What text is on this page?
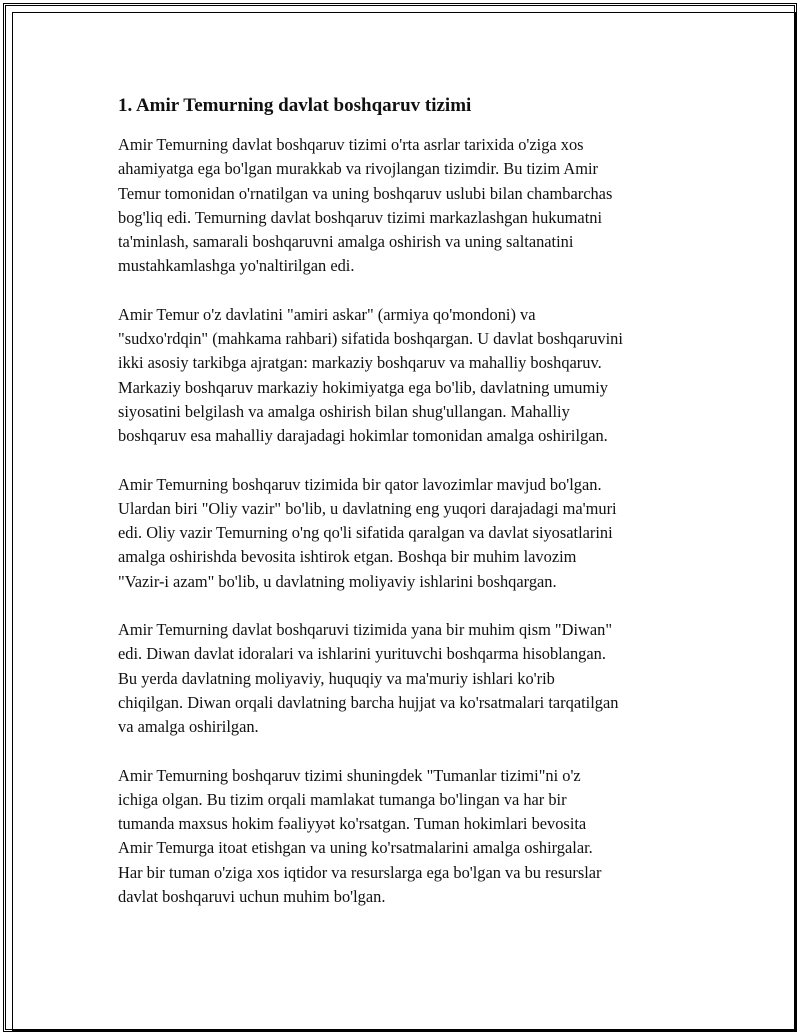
1. Amir Temurning davlat boshqaruv tizimi

Amir Temurning davlat boshqaruv tizimi o'rta asrlar tarixida o'ziga xos
ahamiyatga ega bo'lgan murakkab va rivojlangan tizimdir. Bu tizim Amir
Temur tomonidan o'rnatilgan va uning boshqaruv uslubi bilan chambarchas
bog'liq edi. Temurning davlat boshqaruv tizimi markazlashgan hukumatni
ta'minlash, samarali boshqaruvni amalga oshirish va uning saltanatini
mustahkamlashga yo'naltirilgan edi.

Amir Temur o'z davlatini "amiri askar" (armiya qo'mondoni) va
"sudxo'rdqin" (mahkama rahbari) sifatida boshqargan. U davlat boshqaruvini
ikki asosiy tarkibga ajratgan: markaziy boshqaruv va mahalliy boshqaruv.
Markaziy boshqaruv markaziy hokimiyatga ega bo'lib, davlatning umumiy
siyosatini belgilash va amalga oshirish bilan shug'ullangan. Mahalliy
boshqaruv esa mahalliy darajadagi hokimlar tomonidan amalga oshirilgan.

Amir Temurning boshqaruv tizimida bir qator lavozimlar mavjud bo'lgan.
Ulardan biri "Oliy vazir" bo'lib, u davlatning eng yuqori darajadagi ma'muri
edi. Oliy vazir Temurning o'ng qo'li sifatida qaralgan va davlat siyosatlarini
amalga oshirishda bevosita ishtirok etgan. Boshqa bir muhim lavozim
"Vazir-i azam" bo'lib, u davlatning moliyaviy ishlarini boshqargan.

Amir Temurning davlat boshqaruvi tizimida yana bir muhim qism "Diwan"
edi. Diwan davlat idoralari va ishlarini yurituvchi boshqarma hisoblangan.
Bu yerda davlatning moliyaviy, huquqiy va ma'muriy ishlari ko'rib
chiqilgan. Diwan orqali davlatning barcha hujjat va ko'rsatmalari tarqatilgan
va amalga oshirilgan.

Amir Temurning boshqaruv tizimi shuningdek "Tumanlar tizimi"ni o'z
ichiga olgan. Bu tizim orqali mamlakat tumanga bo'lingan va har bir
tumanda maxsus hokim fəaliyyət ko'rsatgan. Tuman hokimlari bevosita
Amir Temurga itoat etishgan va uning ko'rsatmalarini amalga oshirgalar.
Har bir tuman o'ziga xos iqtidor va resurslarga ega bo'lgan va bu resurslar
davlat boshqaruvi uchun muhim bo'lgan.
